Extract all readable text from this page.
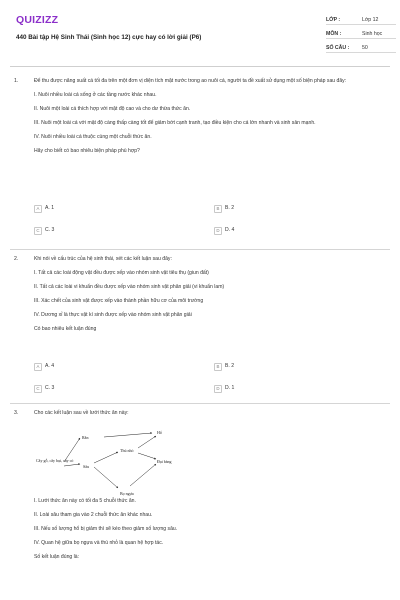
QUIZIZZ
440 Bài tập Hệ Sinh Thái (Sinh học 12) cực hay có lời giải (P6)
LỚP :	Lớp 12
MÔN :	Sinh học
SỐ CÂU :	50
1.	Để thu được năng suất cá tối đa trên một đơn vị diện tích mặt nước trong ao nuôi cá, người ta đề xuất sử dụng một số biện pháp sau đây:

I. Nuôi nhiều loài cá sống ở các tầng nước khác nhau.

II. Nuôi một loài cá thích hợp với mật độ cao và cho dư thừa thức ăn.

III. Nuôi một loài cá với mật độ càng thấp càng tốt để giảm bớt cạnh tranh, tạo điều kiện cho cá lớn nhanh và sinh sản mạnh.

IV. Nuôi nhiều loài cá thuộc cùng một chuỗi thức ăn.

Hãy cho biết có bao nhiêu biện pháp phù hợp?

A	A. 1	B	B. 2
C	C. 3	D	D. 4
2.	Khi nói về cấu trúc của hệ sinh thái, xét các kết luận sau đây:

I. Tất cả các loài động vật đều được xếp vào nhóm sinh vật tiêu thụ (giun đất)

II. Tất cả các loài vi khuẩn đều được xếp vào nhóm sinh vật phân giải (vi khuẩn lam)

III. Xác chết của sinh vật được xếp vào thành phần hữu cơ của môi trường

IV. Dương xỉ là thực vật kí sinh được xếp vào nhóm sinh vật phân giải

Có bao nhiêu kết luận đúng

A	A. 4	B	B. 2
C	C. 3	D	D. 1
3.	Cho các kết luận sau về lưới thức ăn này:

Cây gỗ, cây bụi, cây cỏ
Sâu
Bọ ngựa
Thú nhỏ
Rắn
Hổ
Đại bàng

I. Lưới thức ăn này có tối đa 5 chuỗi thức ăn.

II. Loài sâu tham gia vào 2 chuỗi thức ăn khác nhau.

III. Nếu số lượng hổ bị giảm thì sẽ kéo theo giảm số lượng sâu.

IV. Quan hệ giữa bọ ngựa và thú nhỏ là quan hệ hợp tác.

Số kết luận đúng là:
